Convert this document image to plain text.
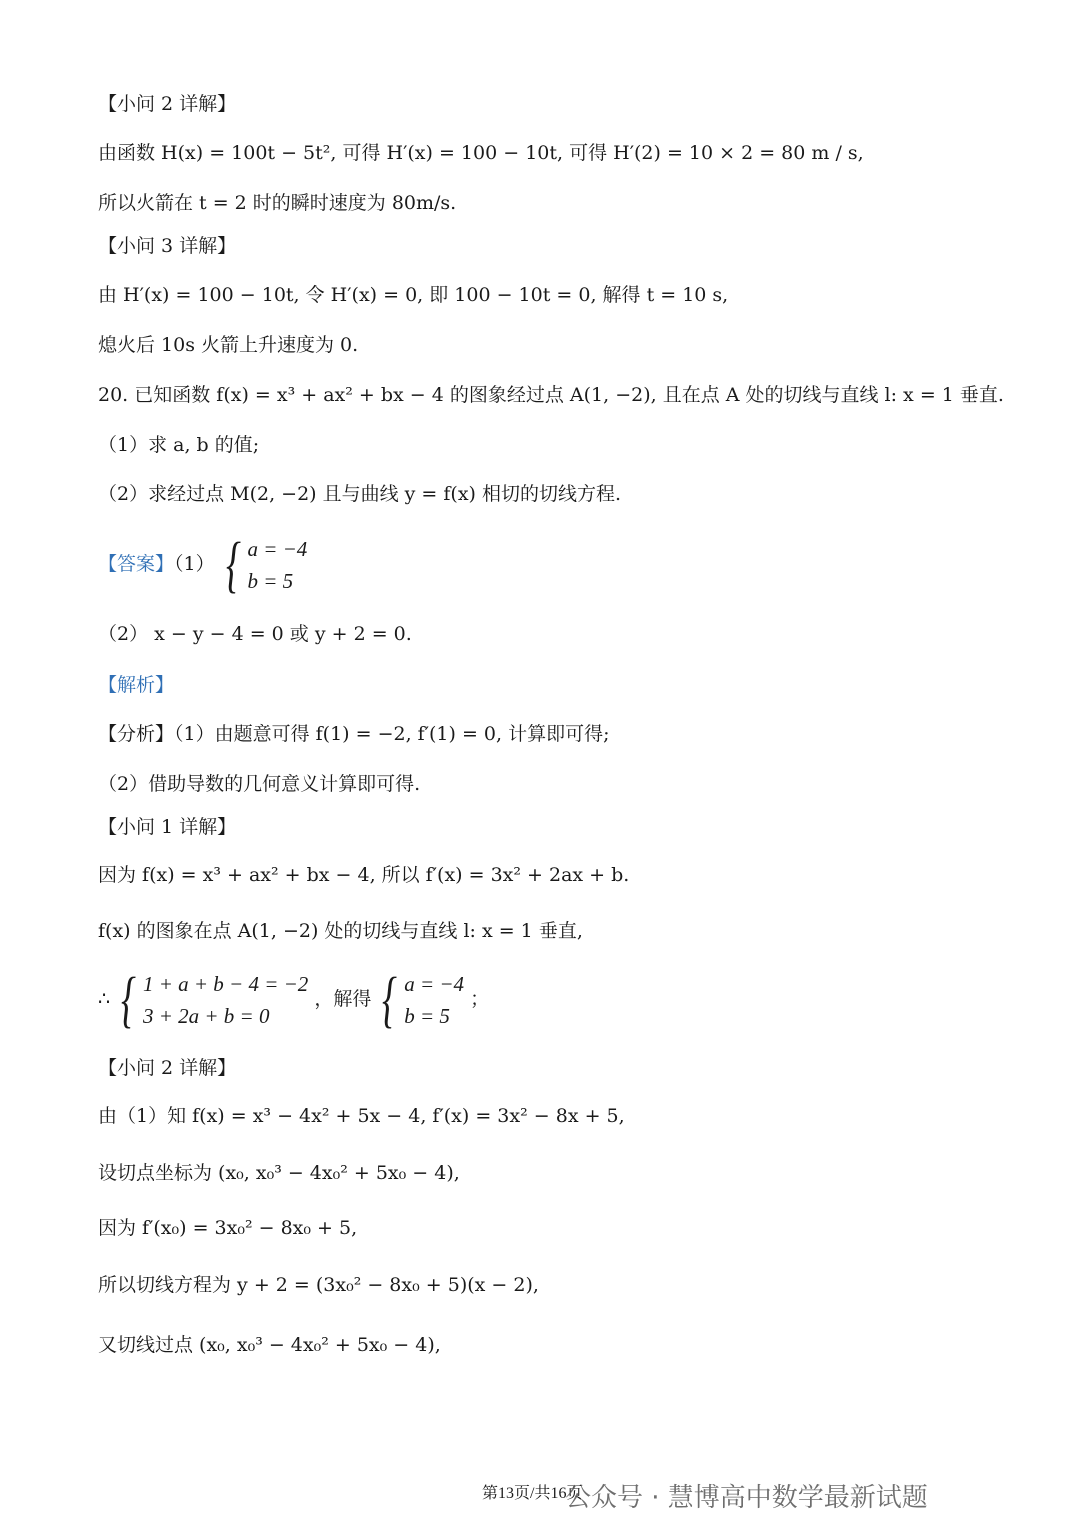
【小问 2 详解】
由函数 H(x) = 100t − 5t², 可得 H′(x) = 100 − 10t, 可得 H′(2) = 10 × 2 = 80 m / s,
所以火箭在 t = 2 时的瞬时速度为 80m/s.
【小问 3 详解】
由 H′(x) = 100 − 10t, 令 H′(x) = 0, 即 100 − 10t = 0, 解得 t = 10 s,
熄火后 10s 火箭上升速度为 0.
20. 已知函数 f(x) = x³ + ax² + bx − 4 的图象经过点 A(1, −2), 且在点 A 处的切线与直线 l: x = 1 垂直.
（1）求 a, b 的值;
（2）求经过点 M(2, −2) 且与曲线 y = f(x) 相切的切线方程.
【答案】（1） { a = −4
b = 5
（2） x − y − 4 = 0 或 y + 2 = 0.
【解析】
【分析】（1）由题意可得 f(1) = −2, f′(1) = 0, 计算即可得;
（2）借助导数的几何意义计算即可得.
【小问 1 详解】
因为 f(x) = x³ + ax² + bx − 4, 所以 f′(x) = 3x² + 2ax + b.
f(x) 的图象在点 A(1, −2) 处的切线与直线 l: x = 1 垂直,
∴ { 1 + a + b − 4 = −2
3 + 2a + b = 0
，解得 { a = −4
b = 5
；
【小问 2 详解】
由（1）知 f(x) = x³ − 4x² + 5x − 4, f′(x) = 3x² − 8x + 5,
设切点坐标为 (x₀, x₀³ − 4x₀² + 5x₀ − 4),
因为 f′(x₀) = 3x₀² − 8x₀ + 5,
所以切线方程为 y + 2 = (3x₀² − 8x₀ + 5)(x − 2),
又切线过点 (x₀, x₀³ − 4x₀² + 5x₀ − 4),
第13页/共16页
公众号 · 慧博高中数学最新试题
